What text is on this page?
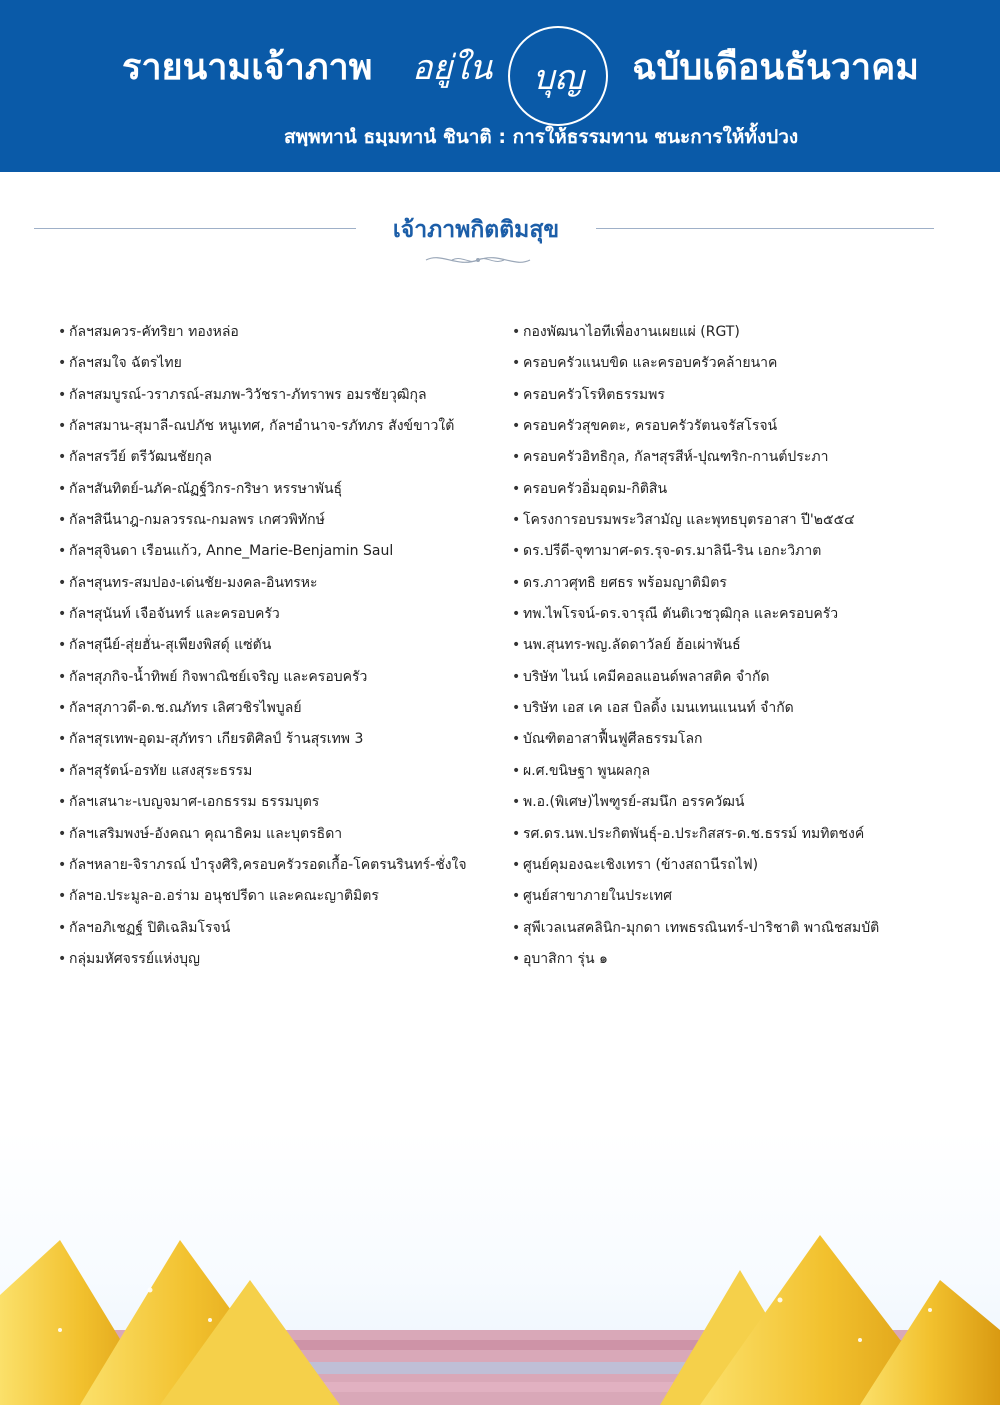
รายนามเจ้าภาพ อยู่ใน	บุญ	ฉบับเดือนธันวาคม
สพฺพทานํ ธมฺมทานํ ชินาติ : การให้ธรรมทาน ชนะการให้ทั้งปวง
เจ้าภาพกิตติมสุข
• กัลฯสมควร-คัทริยา ทองหล่อ
• กัลฯสมใจ ฉัตรไทย
• กัลฯสมบูรณ์-วราภรณ์-สมภพ-วิวัชรา-ภัทราพร อมรชัยวุฒิกุล
• กัลฯสมาน-สุมาลี-ณปภัช หนูเทศ, กัลฯอำนาจ-รภัทภร สังข์ขาวใต้
• กัลฯสรวีย์ ตรีวัฒนชัยกุล
• กัลฯสันทิตย์-นภัค-ณัฏฐ์วิกร-กริษา หรรษาพันธุ์
• กัลฯสินีนาฎ-กมลวรรณ-กมลพร เกศวพิทักษ์
• กัลฯสุจินดา เรือนแก้ว, Anne_Marie-Benjamin Saul
• กัลฯสุนทร-สมปอง-เด่นชัย-มงคล-อินทรหะ
• กัลฯสุนันท์ เจือจันทร์ และครอบครัว
• กัลฯสุนีย์-สุ่ยฮั่น-สุเพียงพิสดุ์ แซ่ตัน
• กัลฯสุภกิจ-น้ำทิพย์ กิจพาณิชย์เจริญ และครอบครัว
• กัลฯสุภาวดี-ด.ช.ณภัทร เลิศวชิรไพบูลย์
• กัลฯสุรเทพ-อุดม-สุภัทรา เกียรติศิลป์ ร้านสุรเทพ 3
• กัลฯสุรัตน์-อรทัย แสงสุระธรรม
• กัลฯเสนาะ-เบญจมาศ-เอกธรรม ธรรมบุตร
• กัลฯเสริมพงษ์-อังคณา คุณาธิคม และบุตรธิดา
• กัลฯหลาย-จิราภรณ์ บำรุงศิริ,ครอบครัวรอดเกื้อ-โคตรนรินทร์-ชั่งใจ
• กัลฯอ.ประมูล-อ.อร่าม อนุชปรีดา และคณะญาติมิตร
• กัลฯอภิเชฏฐ์ ปิติเฉลิมโรจน์
• กลุ่มมหัศจรรย์แห่งบุญ
• กองพัฒนาไอทีเพื่องานเผยแผ่ (RGT)
• ครอบครัวแนบขิด และครอบครัวคล้ายนาค
• ครอบครัวโรหิตธรรมพร
• ครอบครัวสุขคตะ, ครอบครัวรัตนจรัสโรจน์
• ครอบครัวอิทธิกุล, กัลฯสุรสีห์-ปุณฑริก-กานต์ประภา
• ครอบครัวอิ่มอุดม-กิติสิน
• โครงการอบรมพระวิสามัญ และพุทธบุตรอาสา ปี'๒๕๕๔
• ดร.ปรีดี-จุฑามาศ-ดร.รุจ-ดร.มาลินี-ริน เอกะวิภาต
• ดร.ภาวศุทธิ ยศธร พร้อมญาติมิตร
• ทพ.ไพโรจน์-ดร.จารุณี ตันติเวชวุฒิกุล และครอบครัว
• นพ.สุนทร-พญ.ลัดดาวัลย์ ฮ้อเผ่าพันธ์
• บริษัท ไนน์ เคมีคอลแอนด์พลาสติค จำกัด
• บริษัท เอส เค เอส บิลดิ้ง เมนเทนแนนท์ จำกัด
• บัณฑิตอาสาฟื้นฟูศีลธรรมโลก
• ผ.ศ.ขนิษฐา พูนผลกุล
• พ.อ.(พิเศษ)ไพฑูรย์-สมนึก อรรควัฒน์
• รศ.ดร.นพ.ประกิตพันธุ์-อ.ประกิสสร-ด.ช.ธรรม์ ทมทิตชงค์
• ศูนย์คุมองฉะเชิงเทรา (ข้างสถานีรถไฟ)
• ศูนย์สาขาภายในประเทศ
• สุพีเวลเนสคลินิก-มุกดา เทพธรณินทร์-ปาริชาติ พาณิชสมบัติ
• อุบาสิกา รุ่น ๑
